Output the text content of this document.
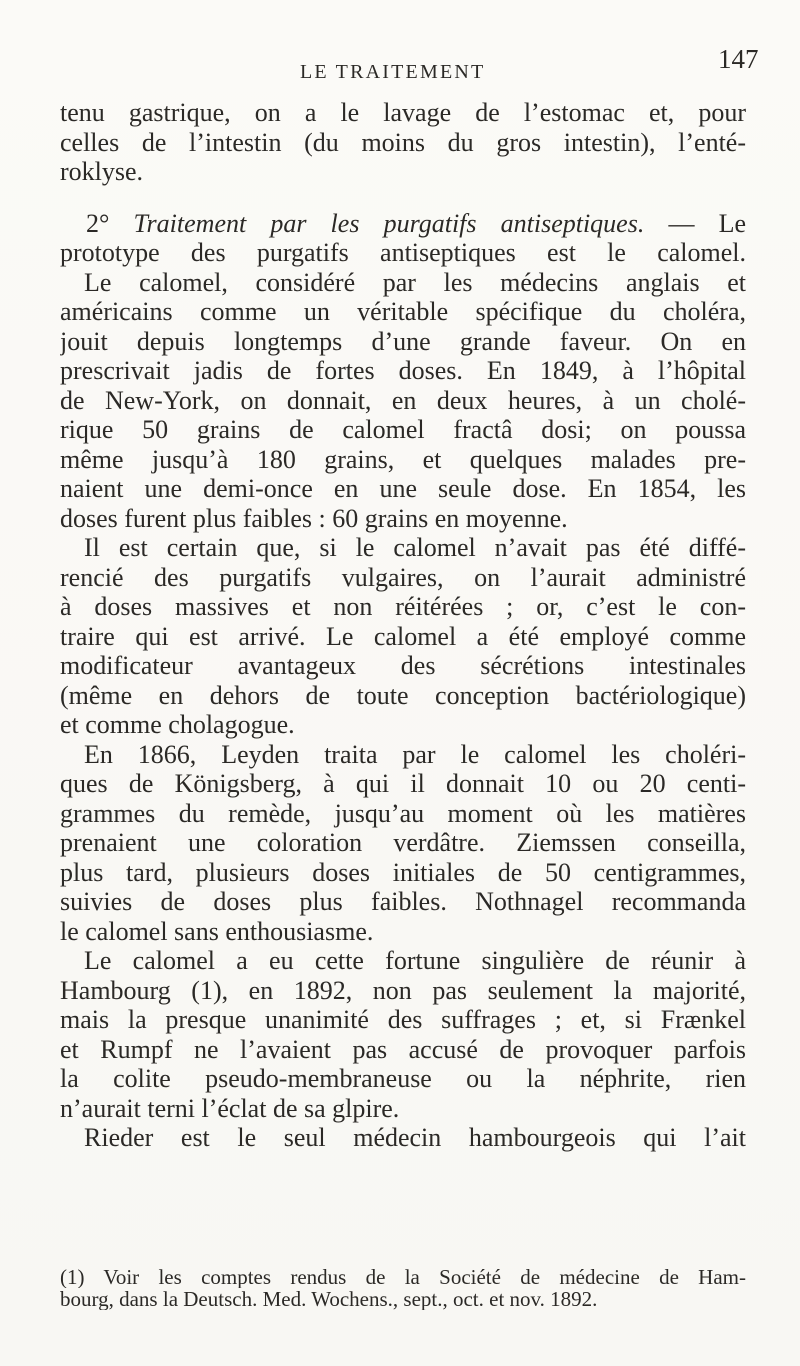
LE TRAITEMENT	147
tenu gastrique, on a le lavage de l’estomac et, pour
celles de l’intestin (du moins du gros intestin), l’enté-
roklyse.
2° Traitement par les purgatifs antiseptiques. — Le
prototype des purgatifs antiseptiques est le calomel.
Le calomel, considéré par les médecins anglais et
américains comme un véritable spécifique du choléra,
jouit depuis longtemps d’une grande faveur. On en
prescrivait jadis de fortes doses. En 1849, à l’hôpital
de New-York, on donnait, en deux heures, à un cholé-
rique 50 grains de calomel fractâ dosi; on poussa
même jusqu’à 180 grains, et quelques malades pre-
naient une demi-once en une seule dose. En 1854, les
doses furent plus faibles : 60 grains en moyenne.
Il est certain que, si le calomel n’avait pas été diffé-
rencié des purgatifs vulgaires, on l’aurait administré
à doses massives et non réitérées ; or, c’est le con-
traire qui est arrivé. Le calomel a été employé comme
modificateur avantageux des sécrétions intestinales
(même en dehors de toute conception bactériologique)
et comme cholagogue.
En 1866, Leyden traita par le calomel les choléri-
ques de Königsberg, à qui il donnait 10 ou 20 centi-
grammes du remède, jusqu’au moment où les matières
prenaient une coloration verdâtre. Ziemssen conseilla,
plus tard, plusieurs doses initiales de 50 centigrammes,
suivies de doses plus faibles. Nothnagel recommanda
le calomel sans enthousiasme.
Le calomel a eu cette fortune singulière de réunir à
Hambourg (1), en 1892, non pas seulement la majorité,
mais la presque unanimité des suffrages ; et, si Frænkel
et Rumpf ne l’avaient pas accusé de provoquer parfois
la colite pseudo-membraneuse ou la néphrite, rien
n’aurait terni l’éclat de sa glpire.
Rieder est le seul médecin hambourgeois qui l’ait
(1) Voir les comptes rendus de la Société de médecine de Ham-
bourg, dans la Deutsch. Med. Wochens., sept., oct. et nov. 1892.
